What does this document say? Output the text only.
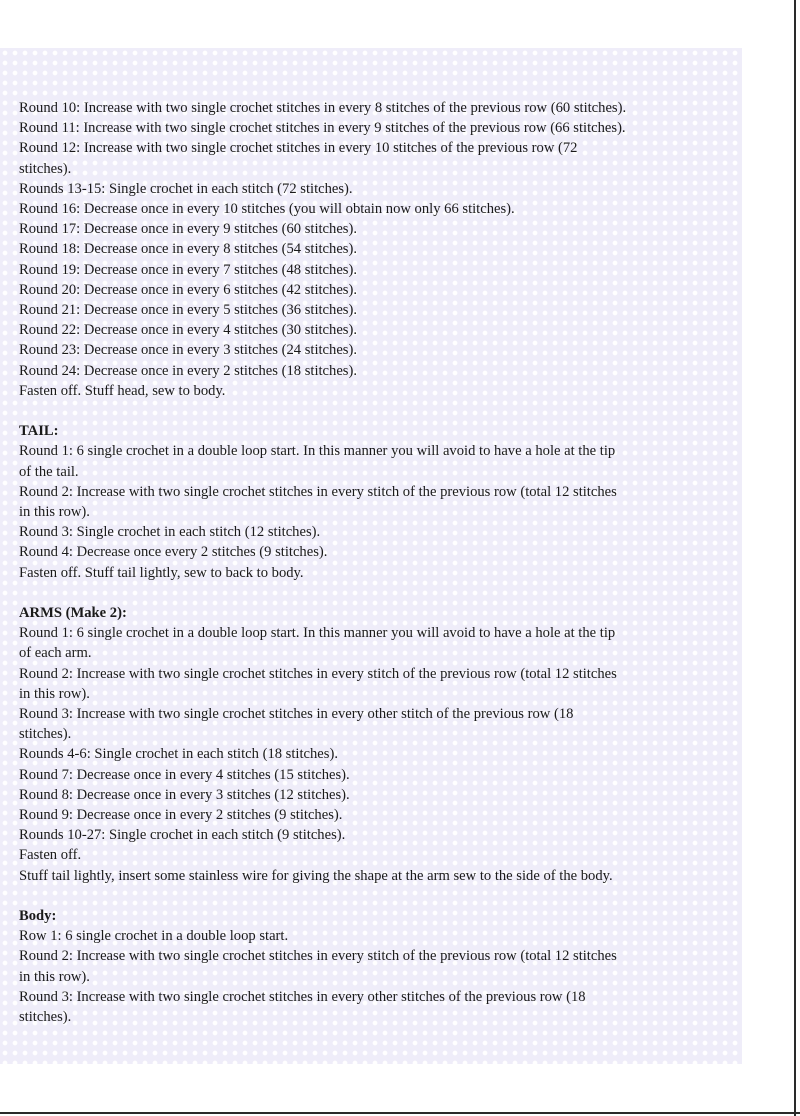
Round 10: Increase with two single crochet stitches in every 8 stitches of the previous row (60 stitches).
Round 11: Increase with two single crochet stitches in every 9 stitches of the previous row (66 stitches).
Round 12: Increase with two single crochet stitches in every 10 stitches of the previous row (72
stitches).
Rounds 13-15: Single crochet in each stitch (72 stitches).
Round 16: Decrease once in every 10 stitches (you will obtain now only 66 stitches).
Round 17: Decrease once in every 9 stitches (60 stitches).
Round 18: Decrease once in every 8 stitches (54 stitches).
Round 19: Decrease once in every 7 stitches (48 stitches).
Round 20: Decrease once in every 6 stitches (42 stitches).
Round 21: Decrease once in every 5 stitches (36 stitches).
Round 22: Decrease once in every 4 stitches (30 stitches).
Round 23: Decrease once in every 3 stitches (24 stitches).
Round 24: Decrease once in every 2 stitches (18 stitches).
Fasten off. Stuff head, sew to body.
TAIL:
Round 1: 6 single crochet in a double loop start. In this manner you will avoid to have a hole at the tip
of the tail.
Round 2: Increase with two single crochet stitches in every stitch of the previous row (total 12 stitches
in this row).
Round 3: Single crochet in each stitch (12 stitches).
Round 4: Decrease once every 2 stitches (9 stitches).
Fasten off. Stuff tail lightly, sew to back to body.
ARMS (Make 2):
Round 1: 6 single crochet in a double loop start. In this manner you will avoid to have a hole at the tip
of each arm.
Round 2: Increase with two single crochet stitches in every stitch of the previous row (total 12 stitches
in this row).
Round 3: Increase with two single crochet stitches in every other stitch of the previous row (18
stitches).
Rounds 4-6: Single crochet in each stitch (18 stitches).
Round 7: Decrease once in every 4 stitches (15 stitches).
Round 8: Decrease once in every 3 stitches (12 stitches).
Round 9: Decrease once in every 2 stitches (9 stitches).
Rounds 10-27: Single crochet in each stitch (9 stitches).
Fasten off.
Stuff tail lightly, insert some stainless wire for giving the shape at the arm sew to the side of the body.
Body:
Row 1: 6 single crochet in a double loop start.
Round 2: Increase with two single crochet stitches in every stitch of the previous row (total 12 stitches
in this row).
Round 3: Increase with two single crochet stitches in every other stitches of the previous row (18
stitches).
